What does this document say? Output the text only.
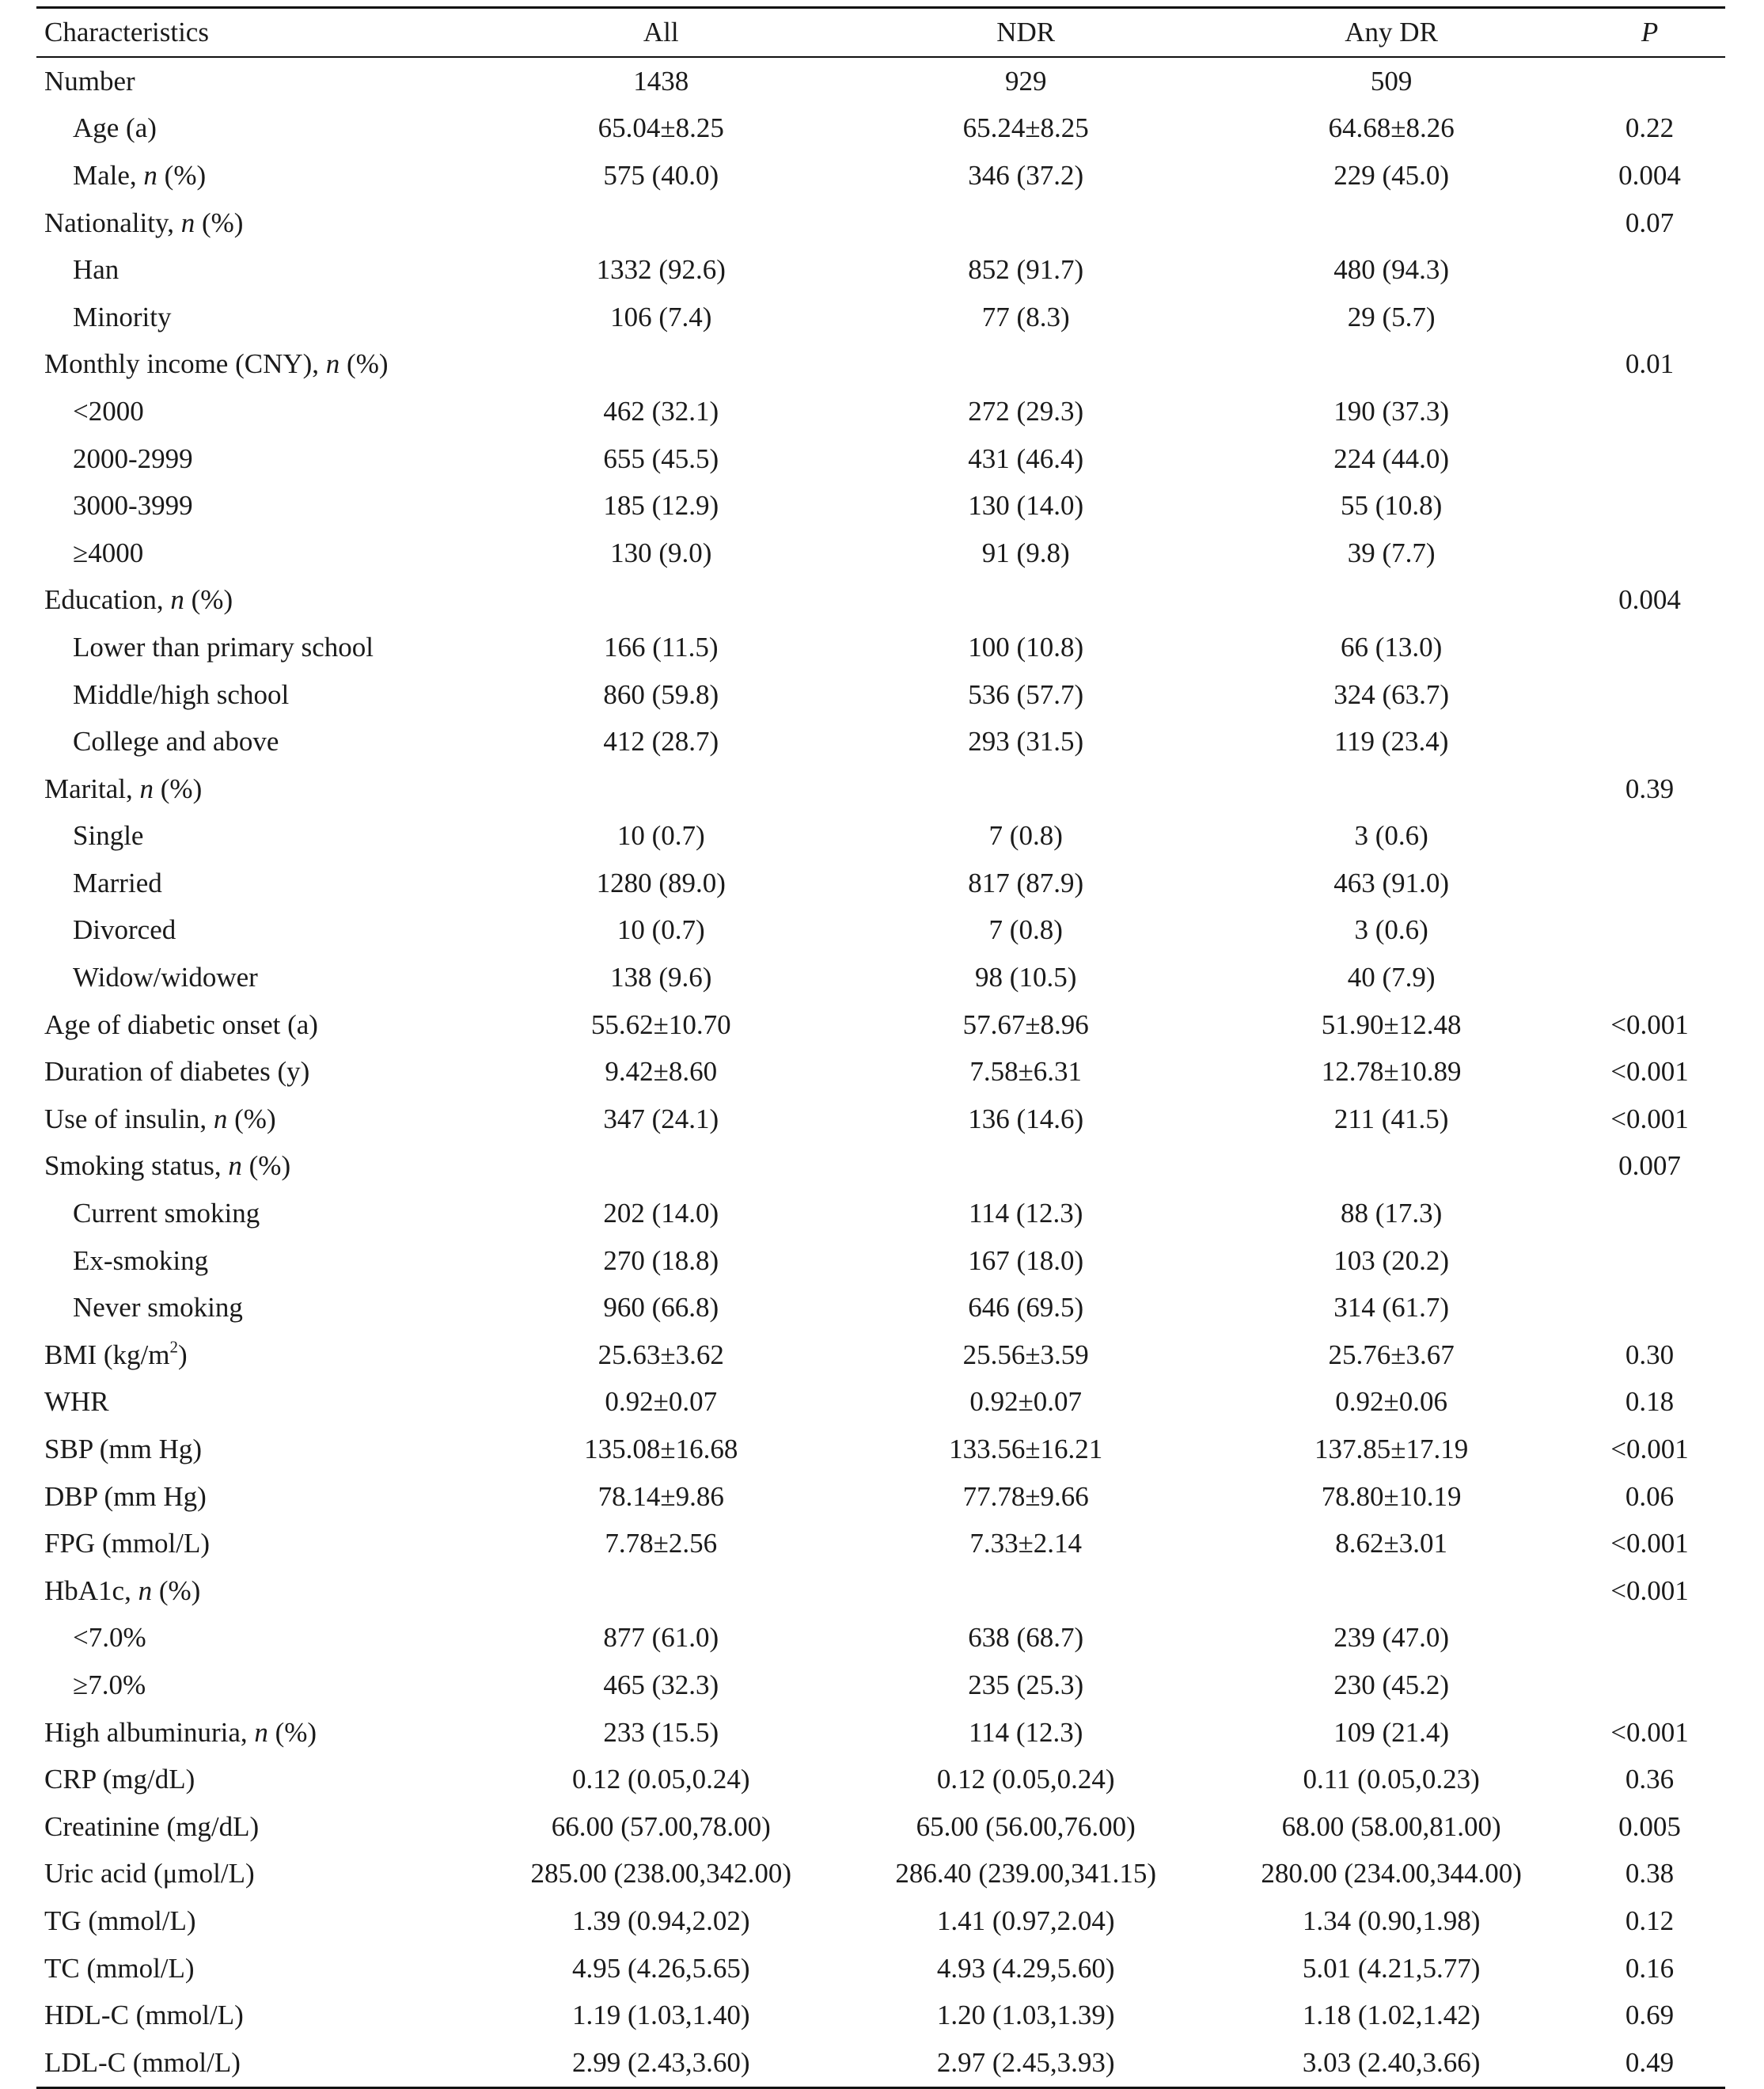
Characteristics	All	NDR	Any DR	P
Number	1438	929	509	
Age (a)	65.04±8.25	65.24±8.25	64.68±8.26	0.22
Male, n (%)	575 (40.0)	346 (37.2)	229 (45.0)	0.004
Nationality, n (%)				0.07
Han	1332 (92.6)	852 (91.7)	480 (94.3)	
Minority	106 (7.4)	77 (8.3)	29 (5.7)	
Monthly income (CNY), n (%)				0.01
<2000	462 (32.1)	272 (29.3)	190 (37.3)	
2000-2999	655 (45.5)	431 (46.4)	224 (44.0)	
3000-3999	185 (12.9)	130 (14.0)	55 (10.8)	
≥4000	130 (9.0)	91 (9.8)	39 (7.7)	
Education, n (%)				0.004
Lower than primary school	166 (11.5)	100 (10.8)	66 (13.0)	
Middle/high school	860 (59.8)	536 (57.7)	324 (63.7)	
College and above	412 (28.7)	293 (31.5)	119 (23.4)	
Marital, n (%)				0.39
Single	10 (0.7)	7 (0.8)	3 (0.6)	
Married	1280 (89.0)	817 (87.9)	463 (91.0)	
Divorced	10 (0.7)	7 (0.8)	3 (0.6)	
Widow/widower	138 (9.6)	98 (10.5)	40 (7.9)	
Age of diabetic onset (a)	55.62±10.70	57.67±8.96	51.90±12.48	<0.001
Duration of diabetes (y)	9.42±8.60	7.58±6.31	12.78±10.89	<0.001
Use of insulin, n (%)	347 (24.1)	136 (14.6)	211 (41.5)	<0.001
Smoking status, n (%)				0.007
Current smoking	202 (14.0)	114 (12.3)	88 (17.3)	
Ex-smoking	270 (18.8)	167 (18.0)	103 (20.2)	
Never smoking	960 (66.8)	646 (69.5)	314 (61.7)	
BMI $(kg/m^2)$	25.63±3.62	25.56±3.59	25.76±3.67	0.30
WHR	0.92±0.07	0.92±0.07	0.92±0.06	0.18
SBP (mm Hg)	135.08±16.68	133.56±16.21	137.85±17.19	<0.001
DBP (mm Hg)	78.14±9.86	77.78±9.66	78.80±10.19	0.06
FPG (mmol/L)	7.78±2.56	7.33±2.14	8.62±3.01	<0.001
HbA1c, n (%)				<0.001
<7.0%	877 (61.0)	638 (68.7)	239 (47.0)	
≥7.0%	465 (32.3)	235 (25.3)	230 (45.2)	
High albuminuria, n (%)	233 (15.5)	114 (12.3)	109 (21.4)	<0.001
CRP (mg/dL)	0.12 (0.05,0.24)	0.12 (0.05,0.24)	0.11 (0.05,0.23)	0.36
Creatinine (mg/dL)	66.00 (57.00,78.00)	65.00 (56.00,76.00)	68.00 (58.00,81.00)	0.005
Uric acid (μmol/L)	285.00 (238.00,342.00)	286.40 (239.00,341.15)	280.00 (234.00,344.00)	0.38
TG (mmol/L)	1.39 (0.94,2.02)	1.41 (0.97,2.04)	1.34 (0.90,1.98)	0.12
TC (mmol/L)	4.95 (4.26,5.65)	4.93 (4.29,5.60)	5.01 (4.21,5.77)	0.16
HDL-C (mmol/L)	1.19 (1.03,1.40)	1.20 (1.03,1.39)	1.18 (1.02,1.42)	0.69
LDL-C (mmol/L)	2.99 (2.43,3.60)	2.97 (2.45,3.93)	3.03 (2.40,3.66)	0.49
